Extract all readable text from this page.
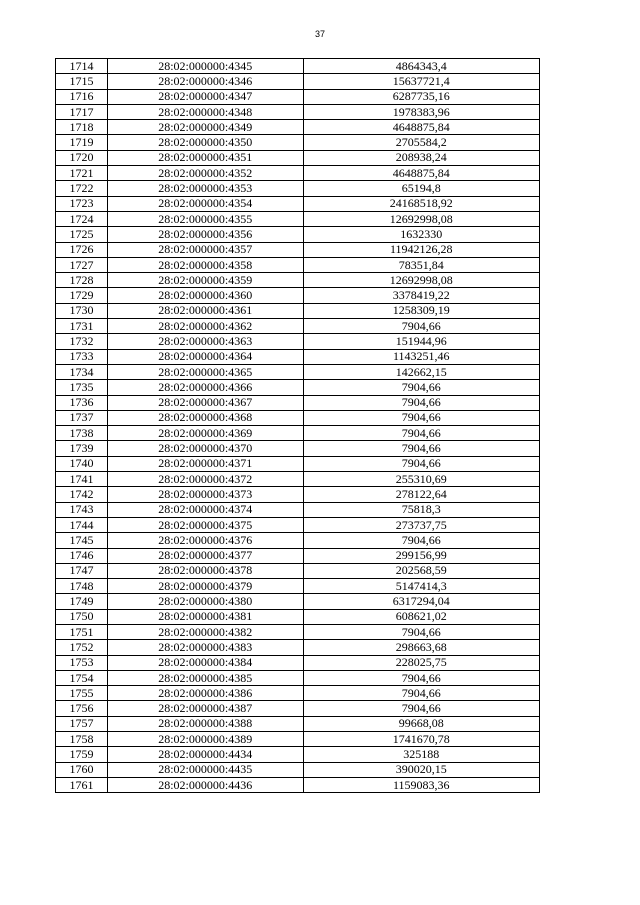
37
1714	28:02:000000:4345	4864343,4
1715	28:02:000000:4346	15637721,4
1716	28:02:000000:4347	6287735,16
1717	28:02:000000:4348	1978383,96
1718	28:02:000000:4349	4648875,84
1719	28:02:000000:4350	2705584,2
1720	28:02:000000:4351	208938,24
1721	28:02:000000:4352	4648875,84
1722	28:02:000000:4353	65194,8
1723	28:02:000000:4354	24168518,92
1724	28:02:000000:4355	12692998,08
1725	28:02:000000:4356	1632330
1726	28:02:000000:4357	11942126,28
1727	28:02:000000:4358	78351,84
1728	28:02:000000:4359	12692998,08
1729	28:02:000000:4360	3378419,22
1730	28:02:000000:4361	1258309,19
1731	28:02:000000:4362	7904,66
1732	28:02:000000:4363	151944,96
1733	28:02:000000:4364	1143251,46
1734	28:02:000000:4365	142662,15
1735	28:02:000000:4366	7904,66
1736	28:02:000000:4367	7904,66
1737	28:02:000000:4368	7904,66
1738	28:02:000000:4369	7904,66
1739	28:02:000000:4370	7904,66
1740	28:02:000000:4371	7904,66
1741	28:02:000000:4372	255310,69
1742	28:02:000000:4373	278122,64
1743	28:02:000000:4374	75818,3
1744	28:02:000000:4375	273737,75
1745	28:02:000000:4376	7904,66
1746	28:02:000000:4377	299156,99
1747	28:02:000000:4378	202568,59
1748	28:02:000000:4379	5147414,3
1749	28:02:000000:4380	6317294,04
1750	28:02:000000:4381	608621,02
1751	28:02:000000:4382	7904,66
1752	28:02:000000:4383	298663,68
1753	28:02:000000:4384	228025,75
1754	28:02:000000:4385	7904,66
1755	28:02:000000:4386	7904,66
1756	28:02:000000:4387	7904,66
1757	28:02:000000:4388	99668,08
1758	28:02:000000:4389	1741670,78
1759	28:02:000000:4434	325188
1760	28:02:000000:4435	390020,15
1761	28:02:000000:4436	1159083,36
